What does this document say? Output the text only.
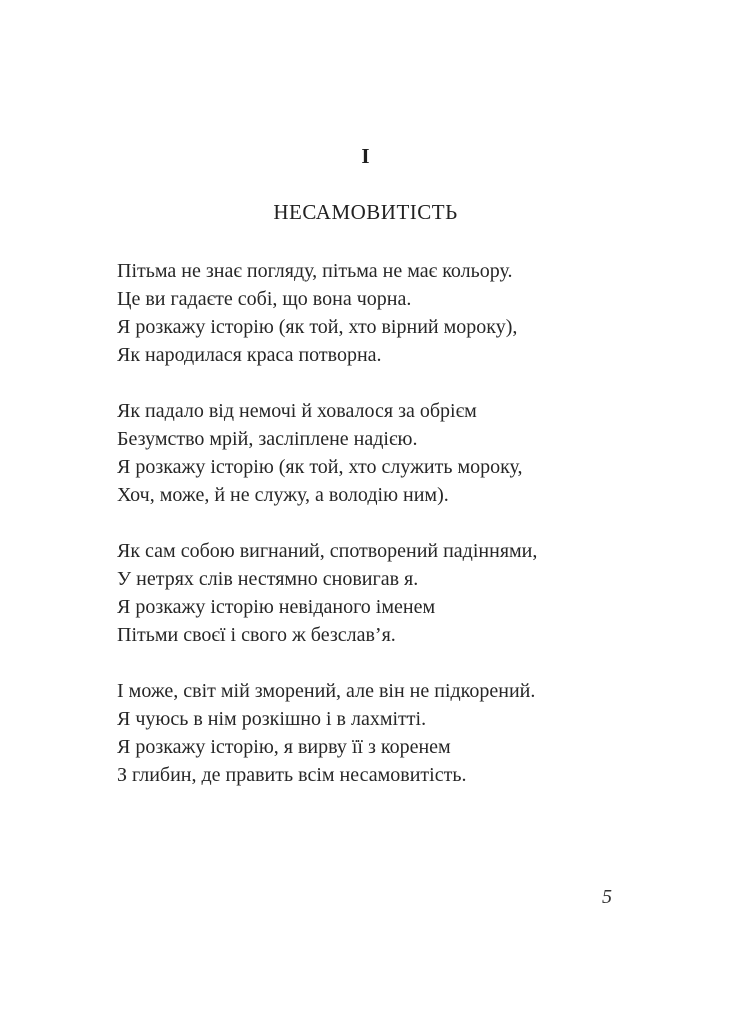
I
НЕСАМОВИТІСТЬ
Пітьма не знає погляду, пітьма не має кольору.
Це ви гадаєте собі, що вона чорна.
Я розкажу історію (як той, хто вірний мороку),
Як народилася краса потворна.
Як падало від немочі й ховалося за обрієм
Безумство мрій, засліплене надією.
Я розкажу історію (як той, хто служить мороку,
Хоч, може, й не служу, а володію ним).
Як сам собою вигнаний, спотворений падіннями,
У нетрях слів нестямно сновигав я.
Я розкажу історію невіданого іменем
Пітьми своєї і свого ж безслав’я.
І може, світ мій зморений, але він не підкорений.
Я чуюсь в нім розкішно і в лахмітті.
Я розкажу історію, я вирву її з коренем
З глибин, де править всім несамовитість.
5
